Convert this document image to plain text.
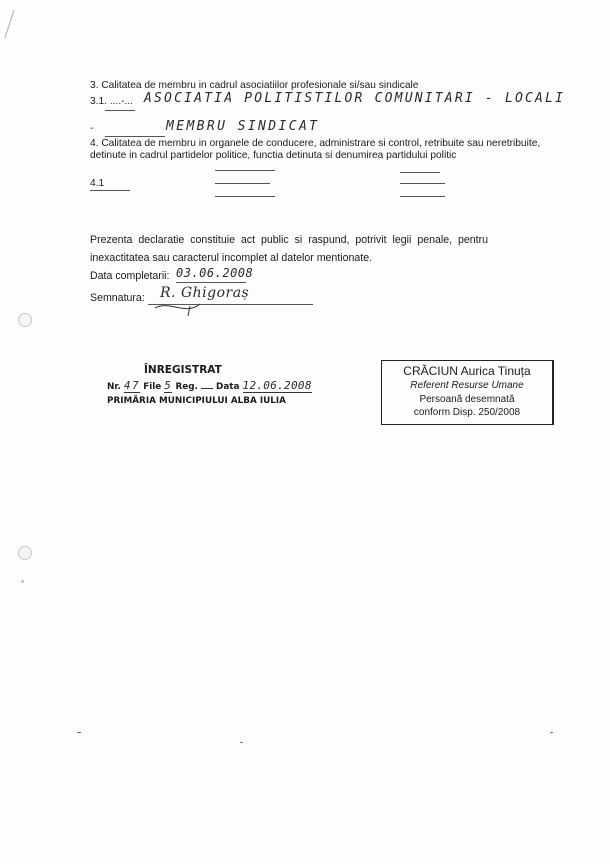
3. Calitatea de membru in cadrul asociatiilor profesionale si/sau sindicale
3.1. ....-... ASOCIATIA POLITISTILOR COMUNITARI - LOCALI
-	MEMBRU SINDICAT
4. Calitatea de membru in organele de conducere, administrare si control, retribuite sau neretribuite,
detinute in cadrul partidelor politice, functia detinuta si denumirea partidului politic
4.1
Prezenta declaratie constituie act public si raspund, potrivit legii penale, pentru
inexactitatea sau caracterul incomplet al datelor mentionate.
Data completarii: 03.06.2008
Semnatura: R. Ghigoraș
ÎNREGISTRAT
Nr. 47 File 5 Reg. Data 12.06.2008
PRIMĂRIA MUNICIPIULUI ALBA IULIA
CRĂCIUN Aurica Tinuța
Referent Resurse Umane
Persoană desemnată
conform Disp. 250/2008
